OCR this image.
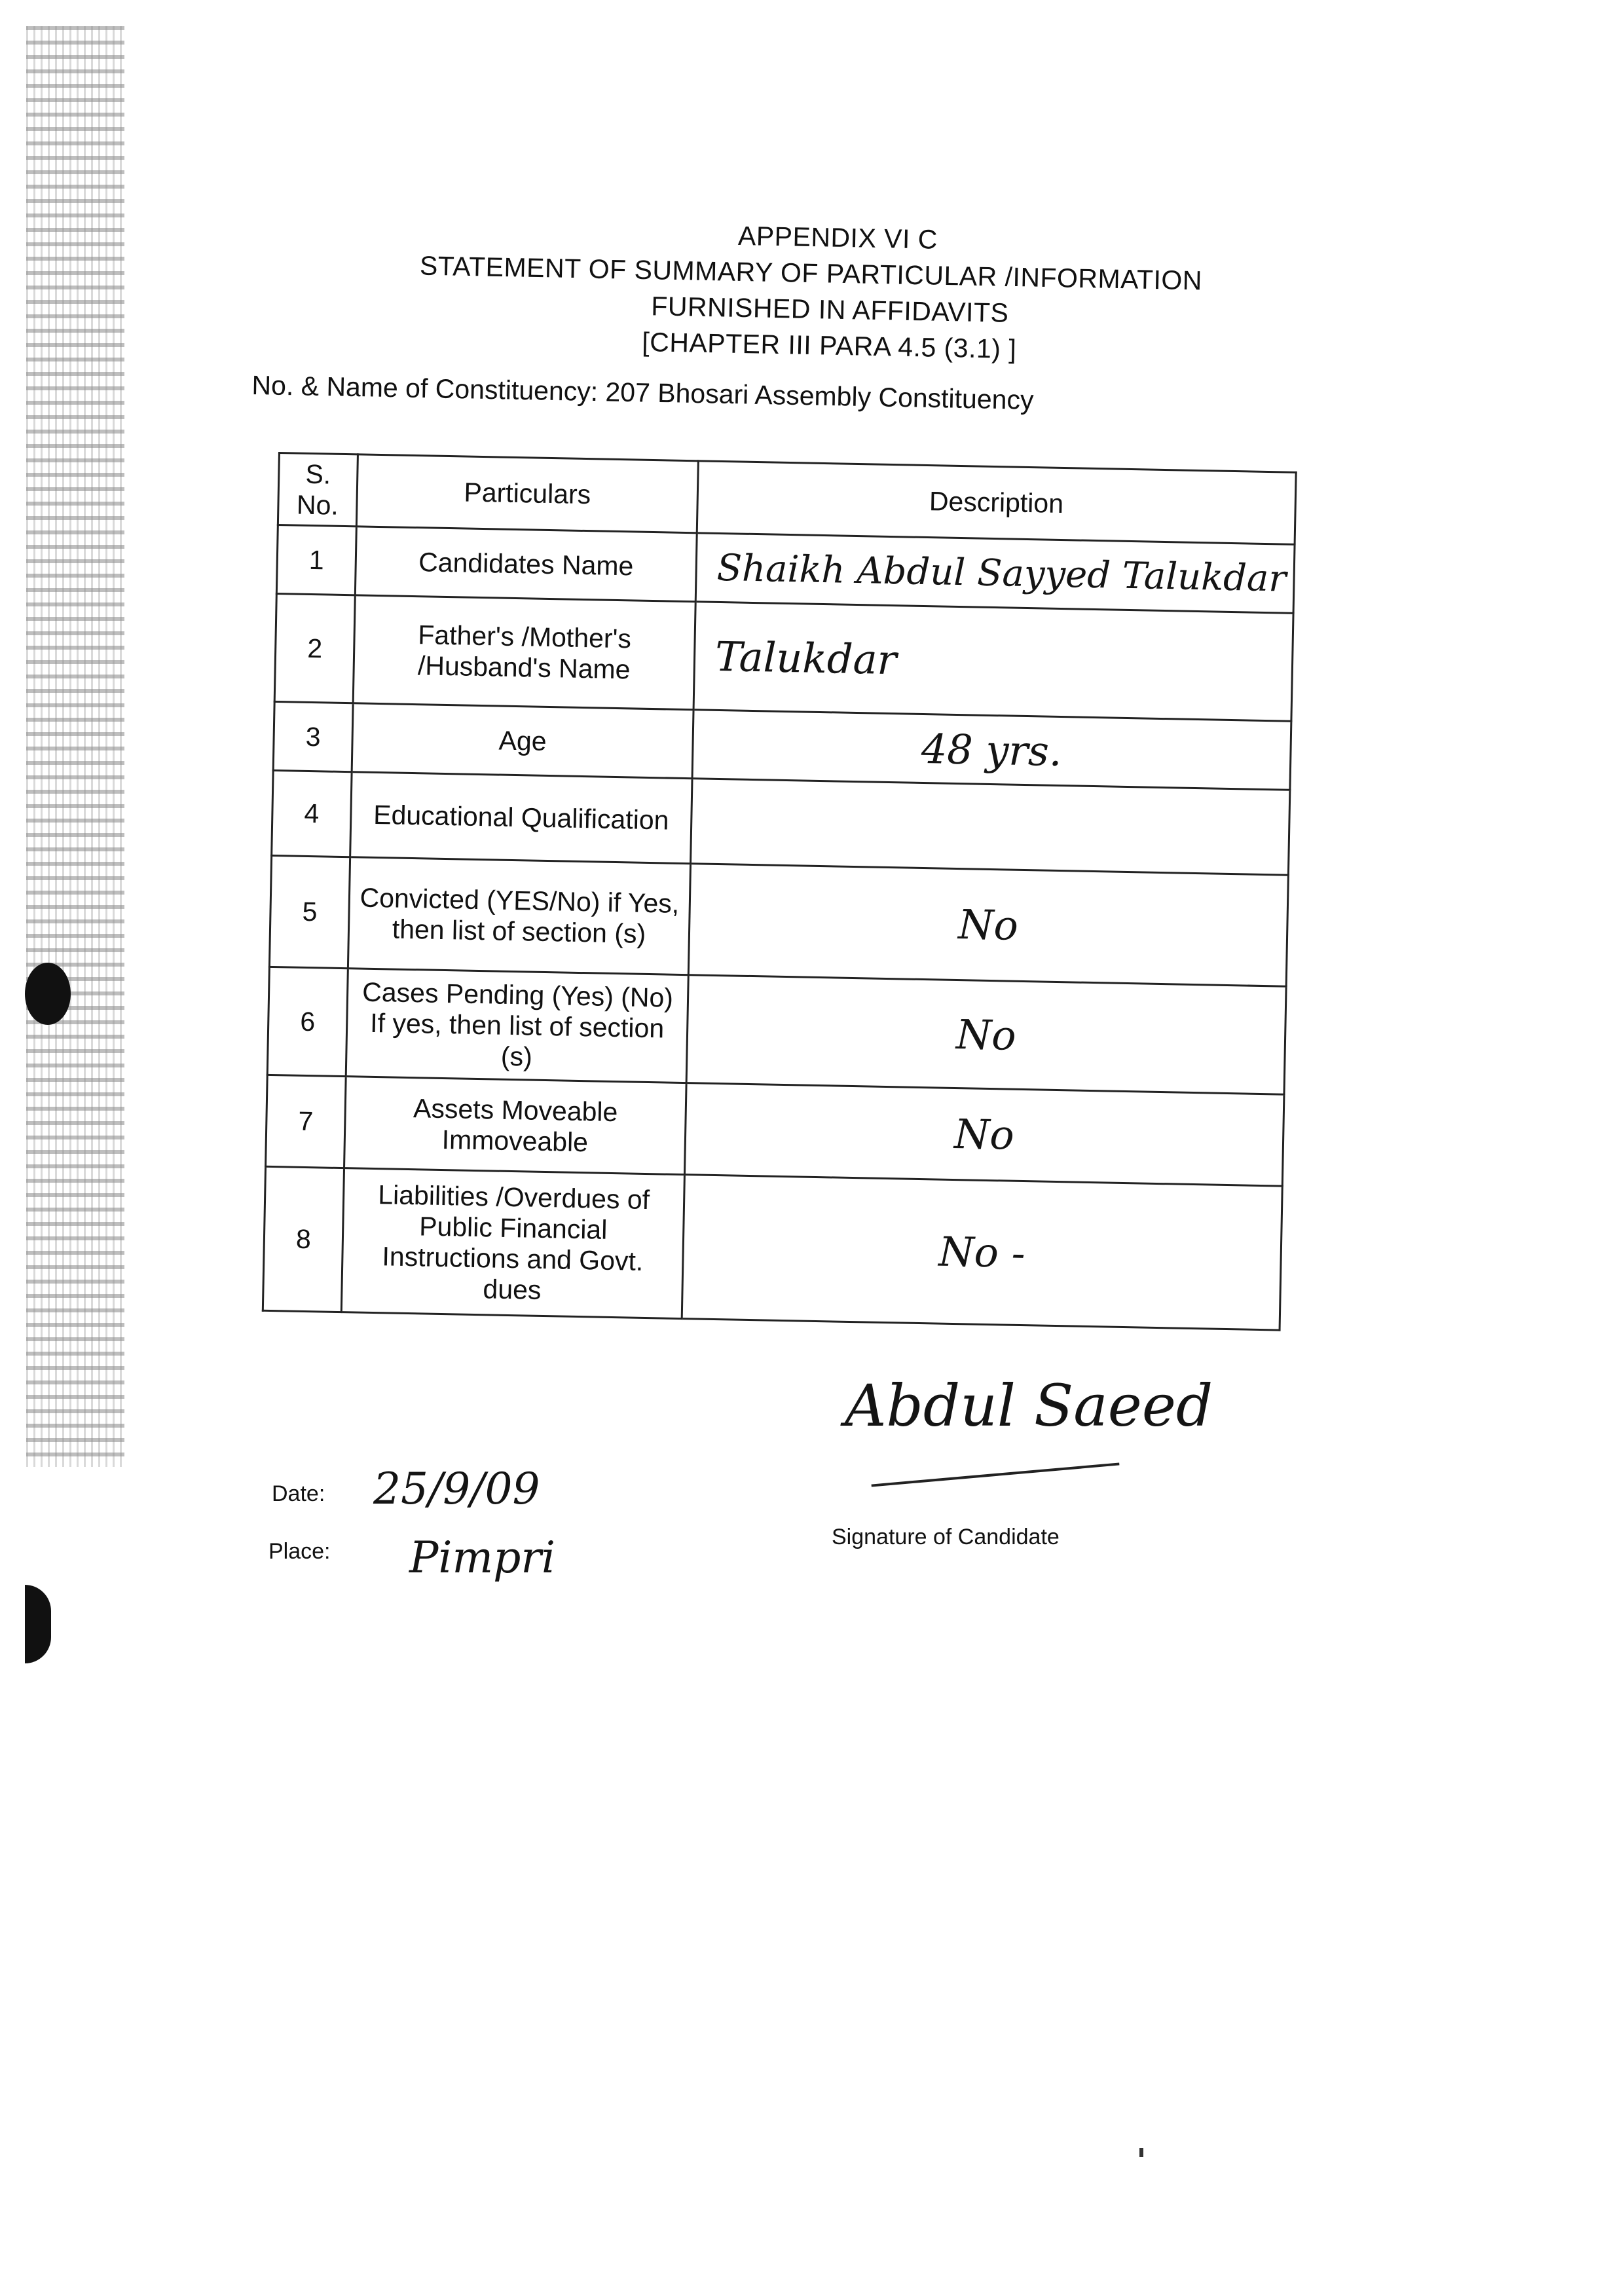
APPENDIX VI C
STATEMENT OF SUMMARY OF PARTICULAR /INFORMATION
FURNISHED IN AFFIDAVITS
[CHAPTER III PARA 4.5 (3.1) ]
No. & Name of Constituency: 207 Bhosari Assembly Constituency
S. No.	Particulars	Description
1	Candidates Name	Shaikh Abdul Sayyed Talukdar
2	Father's /Mother's /Husband's Name	Talukdar
3	Age	48 yrs.
4	Educational Qualification	
5	Convicted (YES/No) if Yes, then list of section (s)	No
6	Cases Pending (Yes) (No) If yes, then list of section (s)	No
7	Assets Moveable Immoveable	No
8	Liabilities /Overdues of Public Financial Instructions and Govt. dues	No -
Abdul Saeed
Signature of Candidate
Date: 25/9/09
Place: Pimpri
